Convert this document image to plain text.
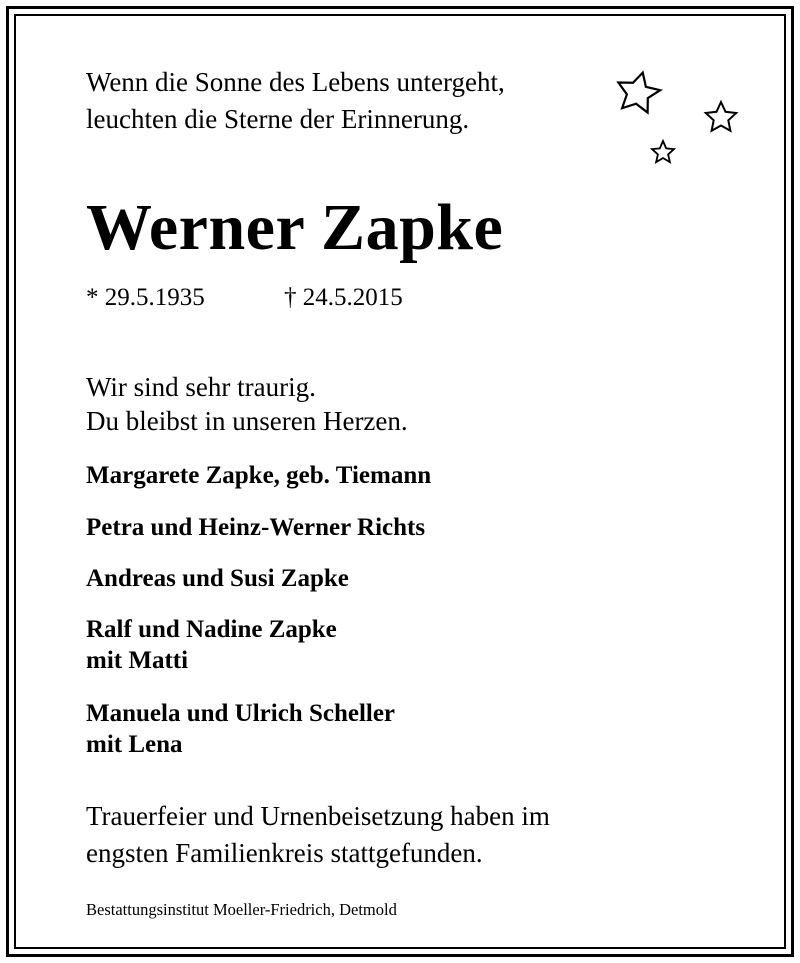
Wenn die Sonne des Lebens untergeht,
leuchten die Sterne der Erinnerung.
Werner Zapke
* 29.5.1935	† 24.5.2015
Wir sind sehr traurig.
Du bleibst in unseren Herzen.
Margarete Zapke, geb. Tiemann
Petra und Heinz-Werner Richts
Andreas und Susi Zapke
Ralf und Nadine Zapke
mit Matti
Manuela und Ulrich Scheller
mit Lena
Trauerfeier und Urnenbeisetzung haben im
engsten Familienkreis stattgefunden.
Bestattungsinstitut Moeller-Friedrich, Detmold
